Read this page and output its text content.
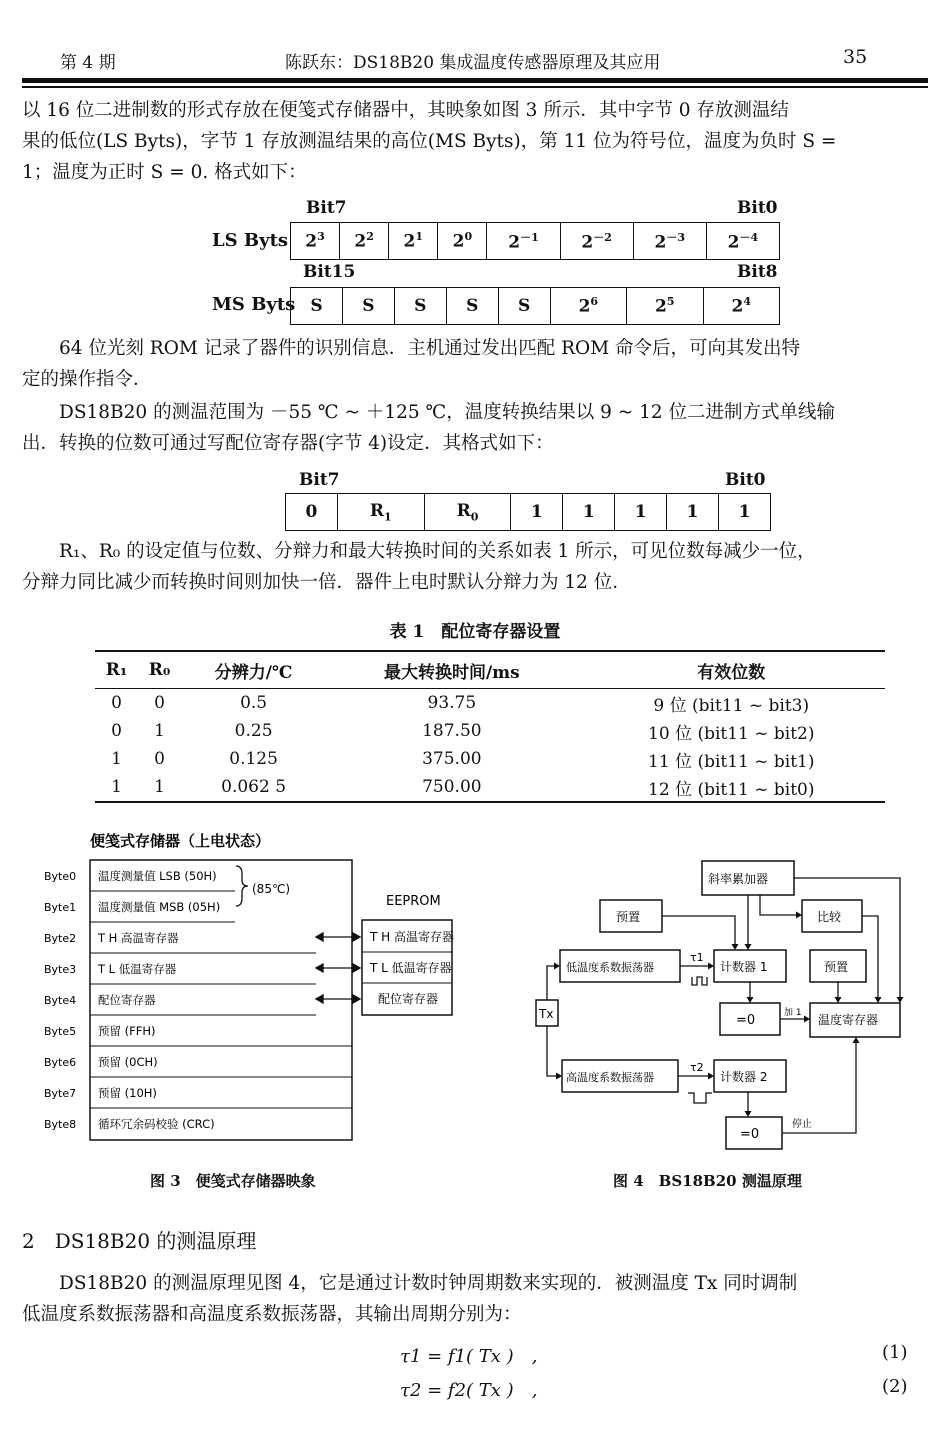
第 4 期	陈跃东：DS18B20 集成温度传感器原理及其应用	35
以 16 位二进制数的形式存放在便笺式存储器中，其映象如图 3 所示．其中字节 0 存放测温结
果的低位(LS Byts)，字节 1 存放测温结果的高位(MS Byts)，第 11 位为符号位，温度为负时 S =
1；温度为正时 S = 0. 格式如下：
Bit7	Bit0
LS Byts $2^3$	$2^2$	$2^1$	$2^0$	$2^{-1}$	$2^{-2}$	$2^{-3}$	$2^{-4}$
Bit15	Bit8
MS Byts S	S	S	S	S	$2^6$	$2^5$	$2^4$
64 位光刻 ROM 记录了器件的识别信息．主机通过发出匹配 ROM 命令后，可向其发出特
定的操作指令．
DS18B20 的测温范围为 －55 ℃ ~ ＋125 ℃，温度转换结果以 9 ~ 12 位二进制方式单线输
出．转换的位数可通过写配位寄存器(字节 4)设定．其格式如下：
Bit7	Bit0
0	$R_1$	$R_0$	1	1	1	1	1
R₁、R₀ 的设定值与位数、分辩力和最大转换时间的关系如表 1 所示，可见位数每减少一位，
分辩力同比减少而转换时间则加快一倍．器件上电时默认分辩力为 12 位．
表 1　配位寄存器设置
R₁	R₀	分辨力/℃	最大转换时间/ms	有效位数
0	0	0.5	93.75	9 位 (bit11 ~ bit3)
0	1	0.25	187.50	10 位 (bit11 ~ bit2)
1	0	0.125	375.00	11 位 (bit11 ~ bit1)
1	1	0.062 5	750.00	12 位 (bit11 ~ bit0)
便笺式存储器（上电状态）
Byte0 温度测量值 LSB (50H)
Byte1 温度测量值 MSB (05H)
Byte2 T H 高温寄存器
Byte3 T L 低温寄存器
Byte4 配位寄存器
Byte5 预留 (FFH)
Byte6 预留 (0CH)
Byte7 预留 (10H)
Byte8 循环冗余码校验 (CRC)
(85℃)
EEPROM
T H 高温寄存器
T L 低温寄存器
配位寄存器
图 3　便笺式存储器映象
斜率累加器
预置	比较
低温度系数振荡器	计数器 1	预置
Tx	=0	加 1 温度寄存器
高温度系数振荡器	计数器 2
=0
停止
τ1
τ2
图 4　BS18B20 测温原理
2　DS18B20 的测温原理
DS18B20 的测温原理见图 4，它是通过计数时钟周期数来实现的．被测温度 Tx 同时调制
低温度系数振荡器和高温度系数振荡器，其输出周期分别为：
τ1 = f1( Tx )　,	(1)
τ2 = f2( Tx )　,	(2)
